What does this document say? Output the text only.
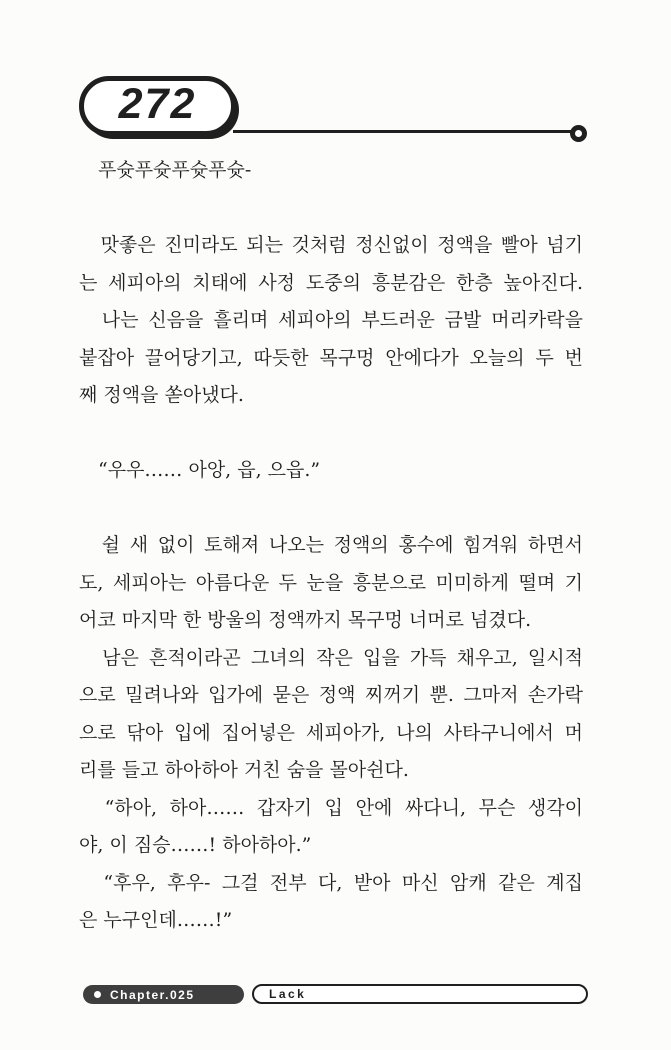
272
　푸슛푸슛푸슛푸슛-
　맛좋은 진미라도 되는 것처럼 정신없이 정액을 빨아 넘기
는 세피아의 치태에 사정 도중의 흥분감은 한층 높아진다.
　나는 신음을 흘리며 세피아의 부드러운 금발 머리카락을
붙잡아 끌어당기고, 따듯한 목구멍 안에다가 오늘의 두 번
째 정액을 쏟아냈다.
　“우우…… 아앙, 읍, 으읍.”
　쉴 새 없이 토해져 나오는 정액의 홍수에 힘겨워 하면서
도, 세피아는 아름다운 두 눈을 흥분으로 미미하게 떨며 기
어코 마지막 한 방울의 정액까지 목구멍 너머로 넘겼다.
　남은 흔적이라곤 그녀의 작은 입을 가득 채우고, 일시적
으로 밀려나와 입가에 묻은 정액 찌꺼기 뿐. 그마저 손가락
으로 닦아 입에 집어넣은 세피아가, 나의 사타구니에서 머
리를 들고 하아하아 거친 숨을 몰아쉰다.
　“하아, 하아…… 갑자기 입 안에 싸다니, 무슨 생각이
야, 이 짐승……! 하아하아.”
　“후우, 후우- 그걸 전부 다, 받아 마신 암캐 같은 계집
은 누구인데……!”
Chapter.025	Lack
